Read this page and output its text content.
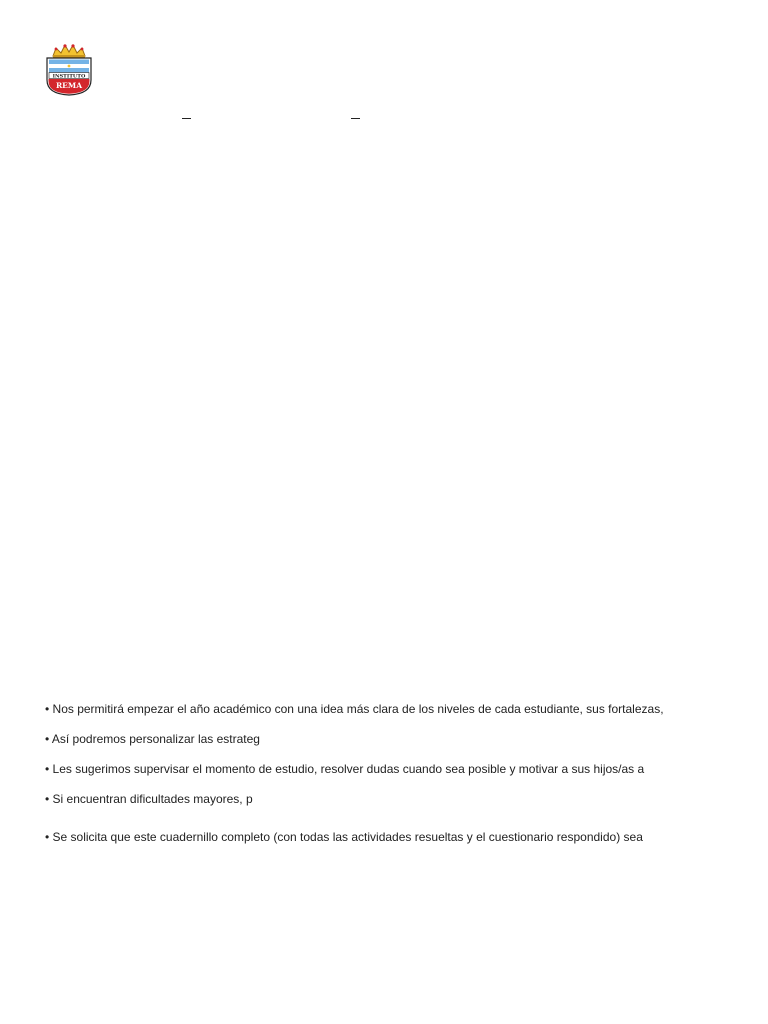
INSTITUTO
REMA
• Nos permitirá empezar el año académico con una idea más clara de los niveles de cada estudiante, sus fortalezas,
• Así podremos personalizar las estrateg
• Les sugerimos supervisar el momento de estudio, resolver dudas cuando sea posible y motivar a sus hijos/as a
• Si encuentran dificultades mayores, p
• Se solicita que este cuadernillo completo (con todas las actividades resueltas y el cuestionario respondido) sea
